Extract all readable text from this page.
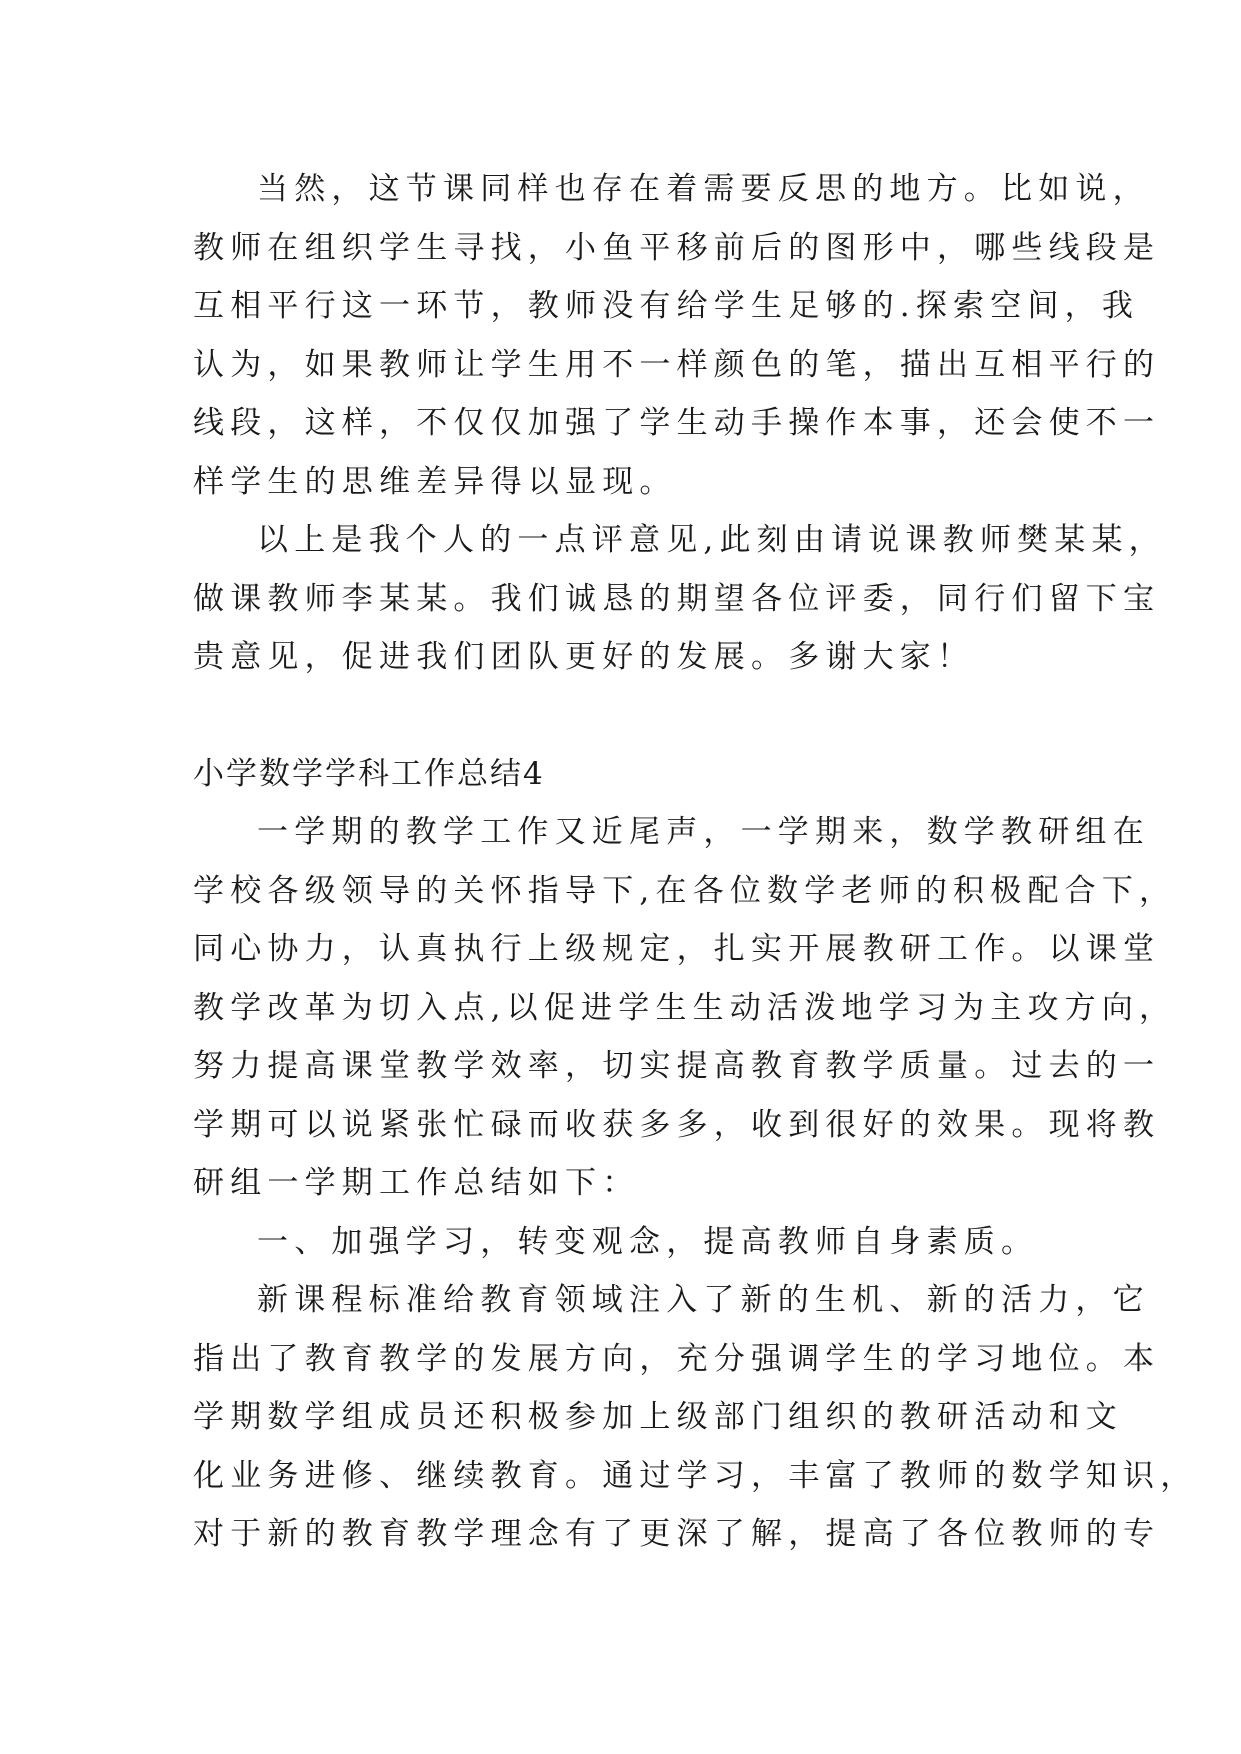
当然，这节课同样也存在着需要反思的地方。比如说，
教师在组织学生寻找，小鱼平移前后的图形中，哪些线段是
互相平行这一环节，教师没有给学生足够的.探索空间，我
认为，如果教师让学生用不一样颜色的笔，描出互相平行的
线段，这样，不仅仅加强了学生动手操作本事，还会使不一
样学生的思维差异得以显现。
以上是我个人的一点评意见,此刻由请说课教师樊某某，
做课教师李某某。我们诚恳的期望各位评委，同行们留下宝
贵意见，促进我们团队更好的发展。多谢大家！
小学数学学科工作总结4
一学期的教学工作又近尾声，一学期来，数学教研组在
学校各级领导的关怀指导下,在各位数学老师的积极配合下，
同心协力，认真执行上级规定，扎实开展教研工作。以课堂
教学改革为切入点,以促进学生生动活泼地学习为主攻方向，
努力提高课堂教学效率，切实提高教育教学质量。过去的一
学期可以说紧张忙碌而收获多多，收到很好的效果。现将教
研组一学期工作总结如下：
一、加强学习，转变观念，提高教师自身素质。
新课程标准给教育领域注入了新的生机、新的活力，它
指出了教育教学的发展方向，充分强调学生的学习地位。本
学期数学组成员还积极参加上级部门组织的教研活动和文
化业务进修、继续教育。通过学习，丰富了教师的数学知识，
对于新的教育教学理念有了更深了解，提高了各位教师的专
